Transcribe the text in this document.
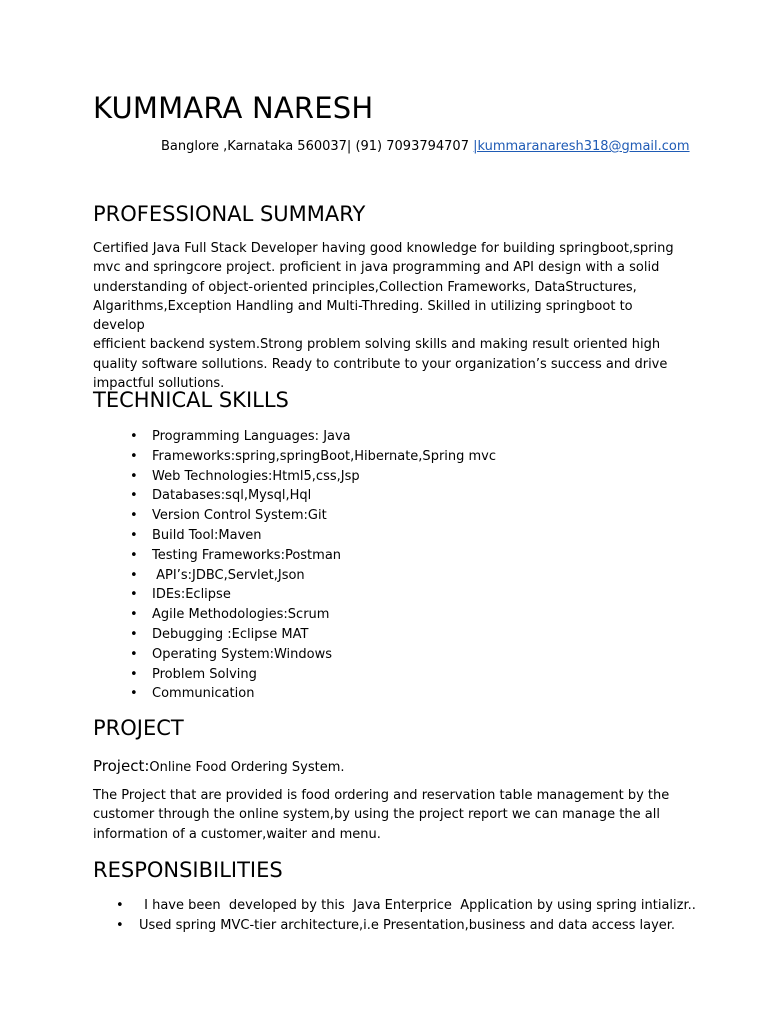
KUMMARA NARESH
Banglore ,Karnataka 560037| (91) 7093794707 |kummaranaresh318@gmail.com
PROFESSIONAL SUMMARY
Certified Java Full Stack Developer having good knowledge for building springboot,spring
mvc and springcore project. proficient in java programming and API design with a solid
understanding of object-oriented principles,Collection Frameworks, DataStructures,
Algarithms,Exception Handling and Multi-Threding. Skilled in utilizing springboot to develop
efficient backend system.Strong problem solving skills and making result oriented high
quality software sollutions. Ready to contribute to your organization’s success and drive
impactful sollutions.
TECHNICAL SKILLS
• Programming Languages: Java
• Frameworks:spring,springBoot,Hibernate,Spring mvc
• Web Technologies:Html5,css,Jsp
• Databases:sql,Mysql,Hql
• Version Control System:Git
• Build Tool:Maven
• Testing Frameworks:Postman
• API’s:JDBC,Servlet,Json
• IDEs:Eclipse
• Agile Methodologies:Scrum
• Debugging :Eclipse MAT
• Operating System:Windows
• Problem Solving
• Communication
PROJECT
Project:Online Food Ordering System.
The Project that are provided is food ordering and reservation table management by the
customer through the online system,by using the project report we can manage the all
information of a customer,waiter and menu.
RESPONSIBILITIES
• I have been  developed by this  Java Enterprice  Application by using spring intializr..
• Used spring MVC-tier architecture,i.e Presentation,business and data access layer.
